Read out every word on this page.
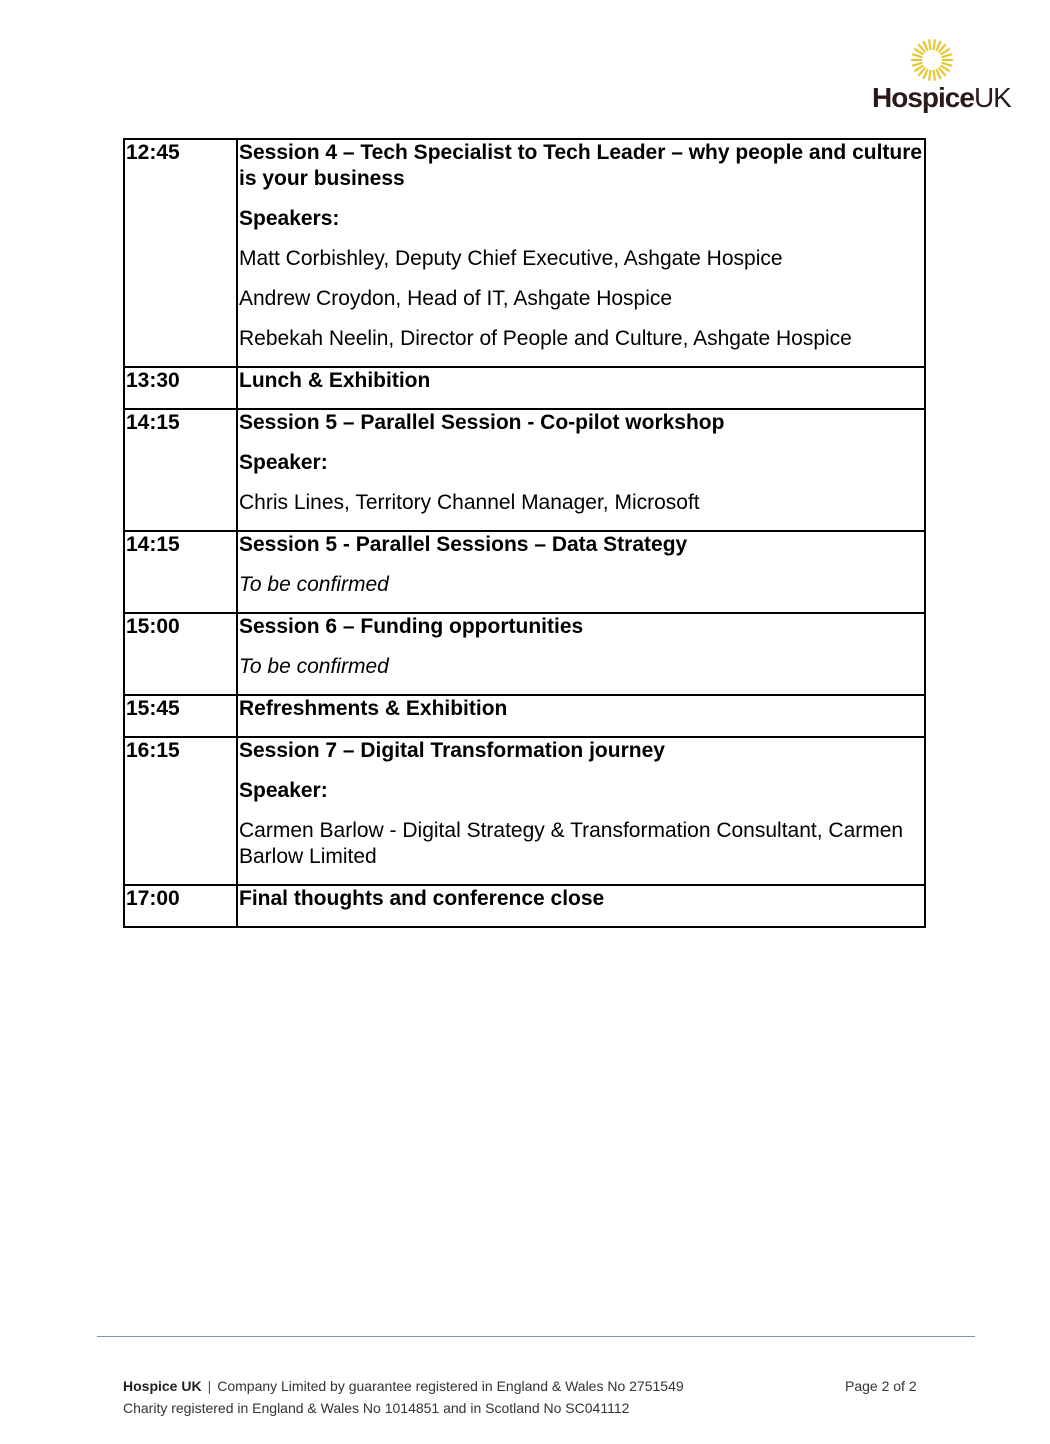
HospiceUK
12:45	Session 4 – Tech Specialist to Tech Leader – why people and culture is your business
Speakers:
Matt Corbishley, Deputy Chief Executive, Ashgate Hospice
Andrew Croydon, Head of IT, Ashgate Hospice
Rebekah Neelin, Director of People and Culture, Ashgate Hospice

13:30	Lunch & Exhibition

14:15	Session 5 – Parallel Session - Co-pilot workshop
Speaker:
Chris Lines, Territory Channel Manager, Microsoft

14:15	Session 5 - Parallel Sessions – Data Strategy
To be confirmed

15:00	Session 6 – Funding opportunities
To be confirmed

15:45	Refreshments & Exhibition

16:15	Session 7 – Digital Transformation journey
Speaker:
Carmen Barlow - Digital Strategy & Transformation Consultant, Carmen Barlow Limited

17:00	Final thoughts and conference close
Hospice UK | Company Limited by guarantee registered in England & Wales No 2751549
Charity registered in England & Wales No 1014851 and in Scotland No SC041112
Page 2 of 2
